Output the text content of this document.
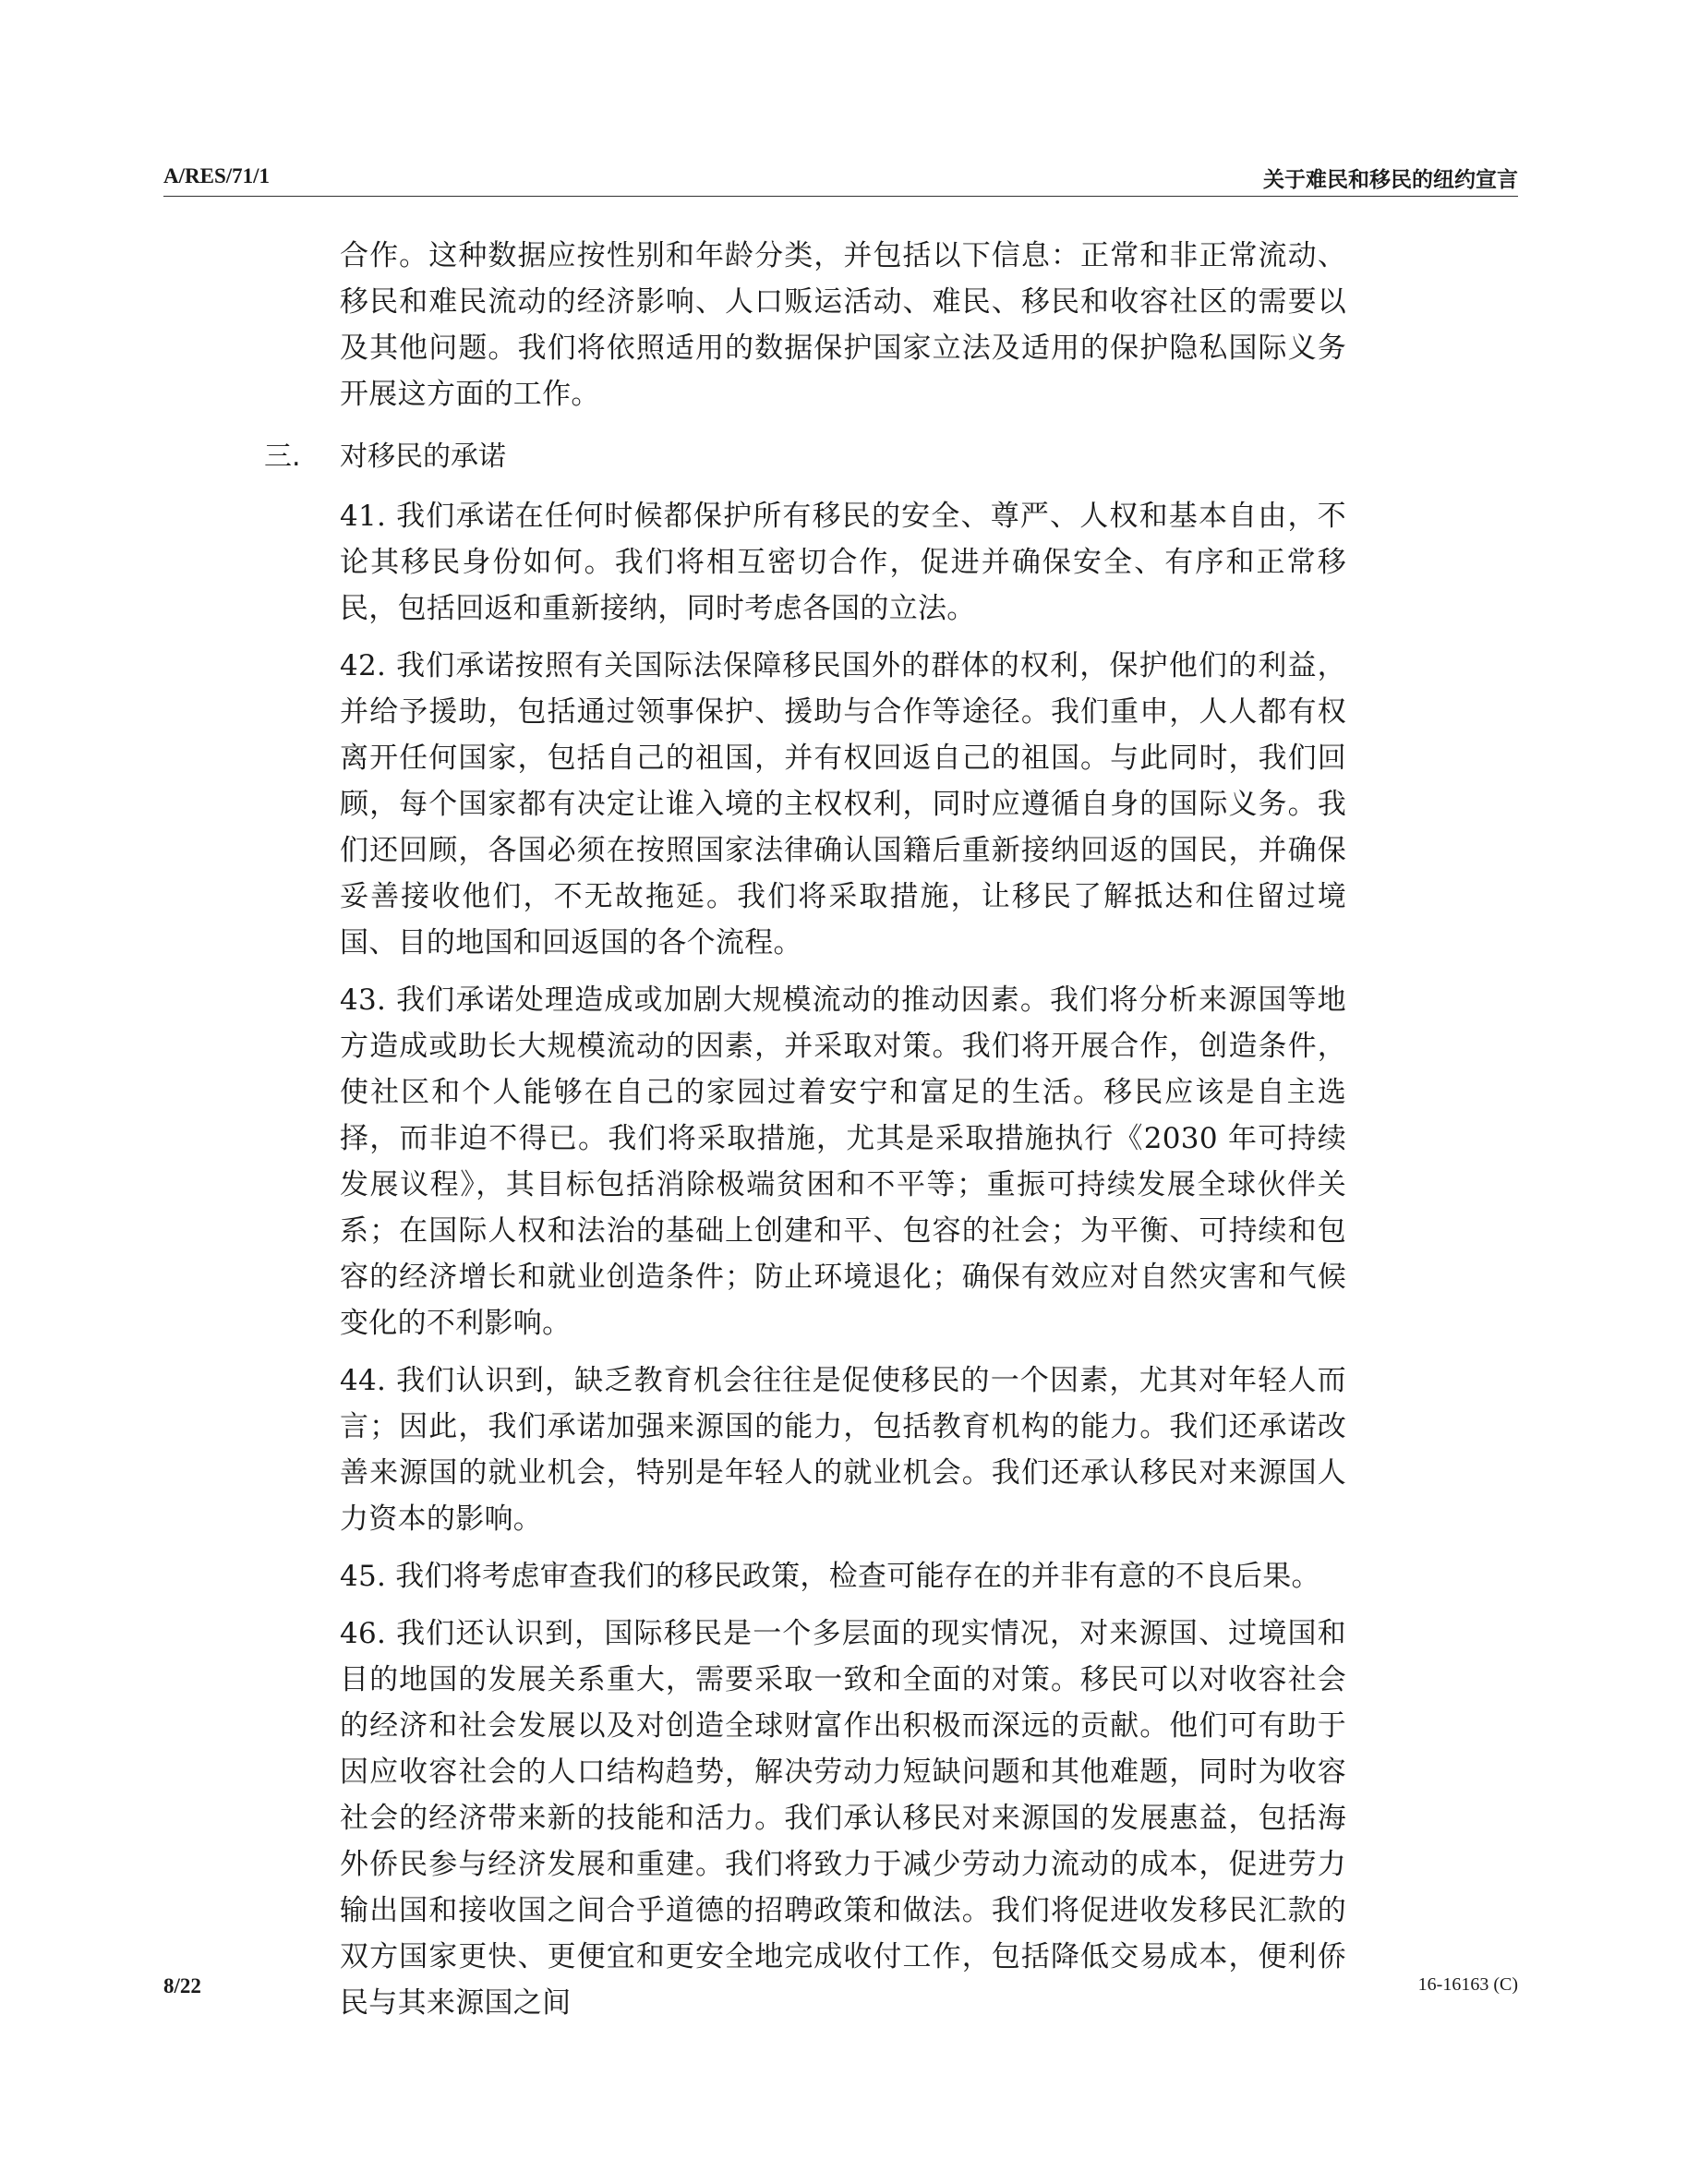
A/RES/71/1	关于难民和移民的纽约宣言

合作。这种数据应按性别和年龄分类，并包括以下信息：正常和非正常流动、移民和难民流动的经济影响、人口贩运活动、难民、移民和收容社区的需要以及其他问题。我们将依照适用的数据保护国家立法及适用的保护隐私国际义务开展这方面的工作。

三. 对移民的承诺

41. 我们承诺在任何时候都保护所有移民的安全、尊严、人权和基本自由，不论其移民身份如何。我们将相互密切合作，促进并确保安全、有序和正常移民，包括回返和重新接纳，同时考虑各国的立法。

42. 我们承诺按照有关国际法保障移民国外的群体的权利，保护他们的利益，并给予援助，包括通过领事保护、援助与合作等途径。我们重申，人人都有权离开任何国家，包括自己的祖国，并有权回返自己的祖国。与此同时，我们回顾，每个国家都有决定让谁入境的主权权利，同时应遵循自身的国际义务。我们还回顾，各国必须在按照国家法律确认国籍后重新接纳回返的国民，并确保妥善接收他们，不无故拖延。我们将采取措施，让移民了解抵达和住留过境国、目的地国和回返国的各个流程。

43. 我们承诺处理造成或加剧大规模流动的推动因素。我们将分析来源国等地方造成或助长大规模流动的因素，并采取对策。我们将开展合作，创造条件，使社区和个人能够在自己的家园过着安宁和富足的生活。移民应该是自主选择，而非迫不得已。我们将采取措施，尤其是采取措施执行《2030 年可持续发展议程》，其目标包括消除极端贫困和不平等；重振可持续发展全球伙伴关系；在国际人权和法治的基础上创建和平、包容的社会；为平衡、可持续和包容的经济增长和就业创造条件；防止环境退化；确保有效应对自然灾害和气候变化的不利影响。

44. 我们认识到，缺乏教育机会往往是促使移民的一个因素，尤其对年轻人而言；因此，我们承诺加强来源国的能力，包括教育机构的能力。我们还承诺改善来源国的就业机会，特别是年轻人的就业机会。我们还承认移民对来源国人力资本的影响。

45. 我们将考虑审查我们的移民政策，检查可能存在的并非有意的不良后果。

46. 我们还认识到，国际移民是一个多层面的现实情况，对来源国、过境国和目的地国的发展关系重大，需要采取一致和全面的对策。移民可以对收容社会的经济和社会发展以及对创造全球财富作出积极而深远的贡献。他们可有助于因应收容社会的人口结构趋势，解决劳动力短缺问题和其他难题，同时为收容社会的经济带来新的技能和活力。我们承认移民对来源国的发展惠益，包括海外侨民参与经济发展和重建。我们将致力于减少劳动力流动的成本，促进劳力输出国和接收国之间合乎道德的招聘政策和做法。我们将促进收发移民汇款的双方国家更快、更便宜和更安全地完成收付工作，包括降低交易成本，便利侨民与其来源国之间

8/22	16-16163 (C)
